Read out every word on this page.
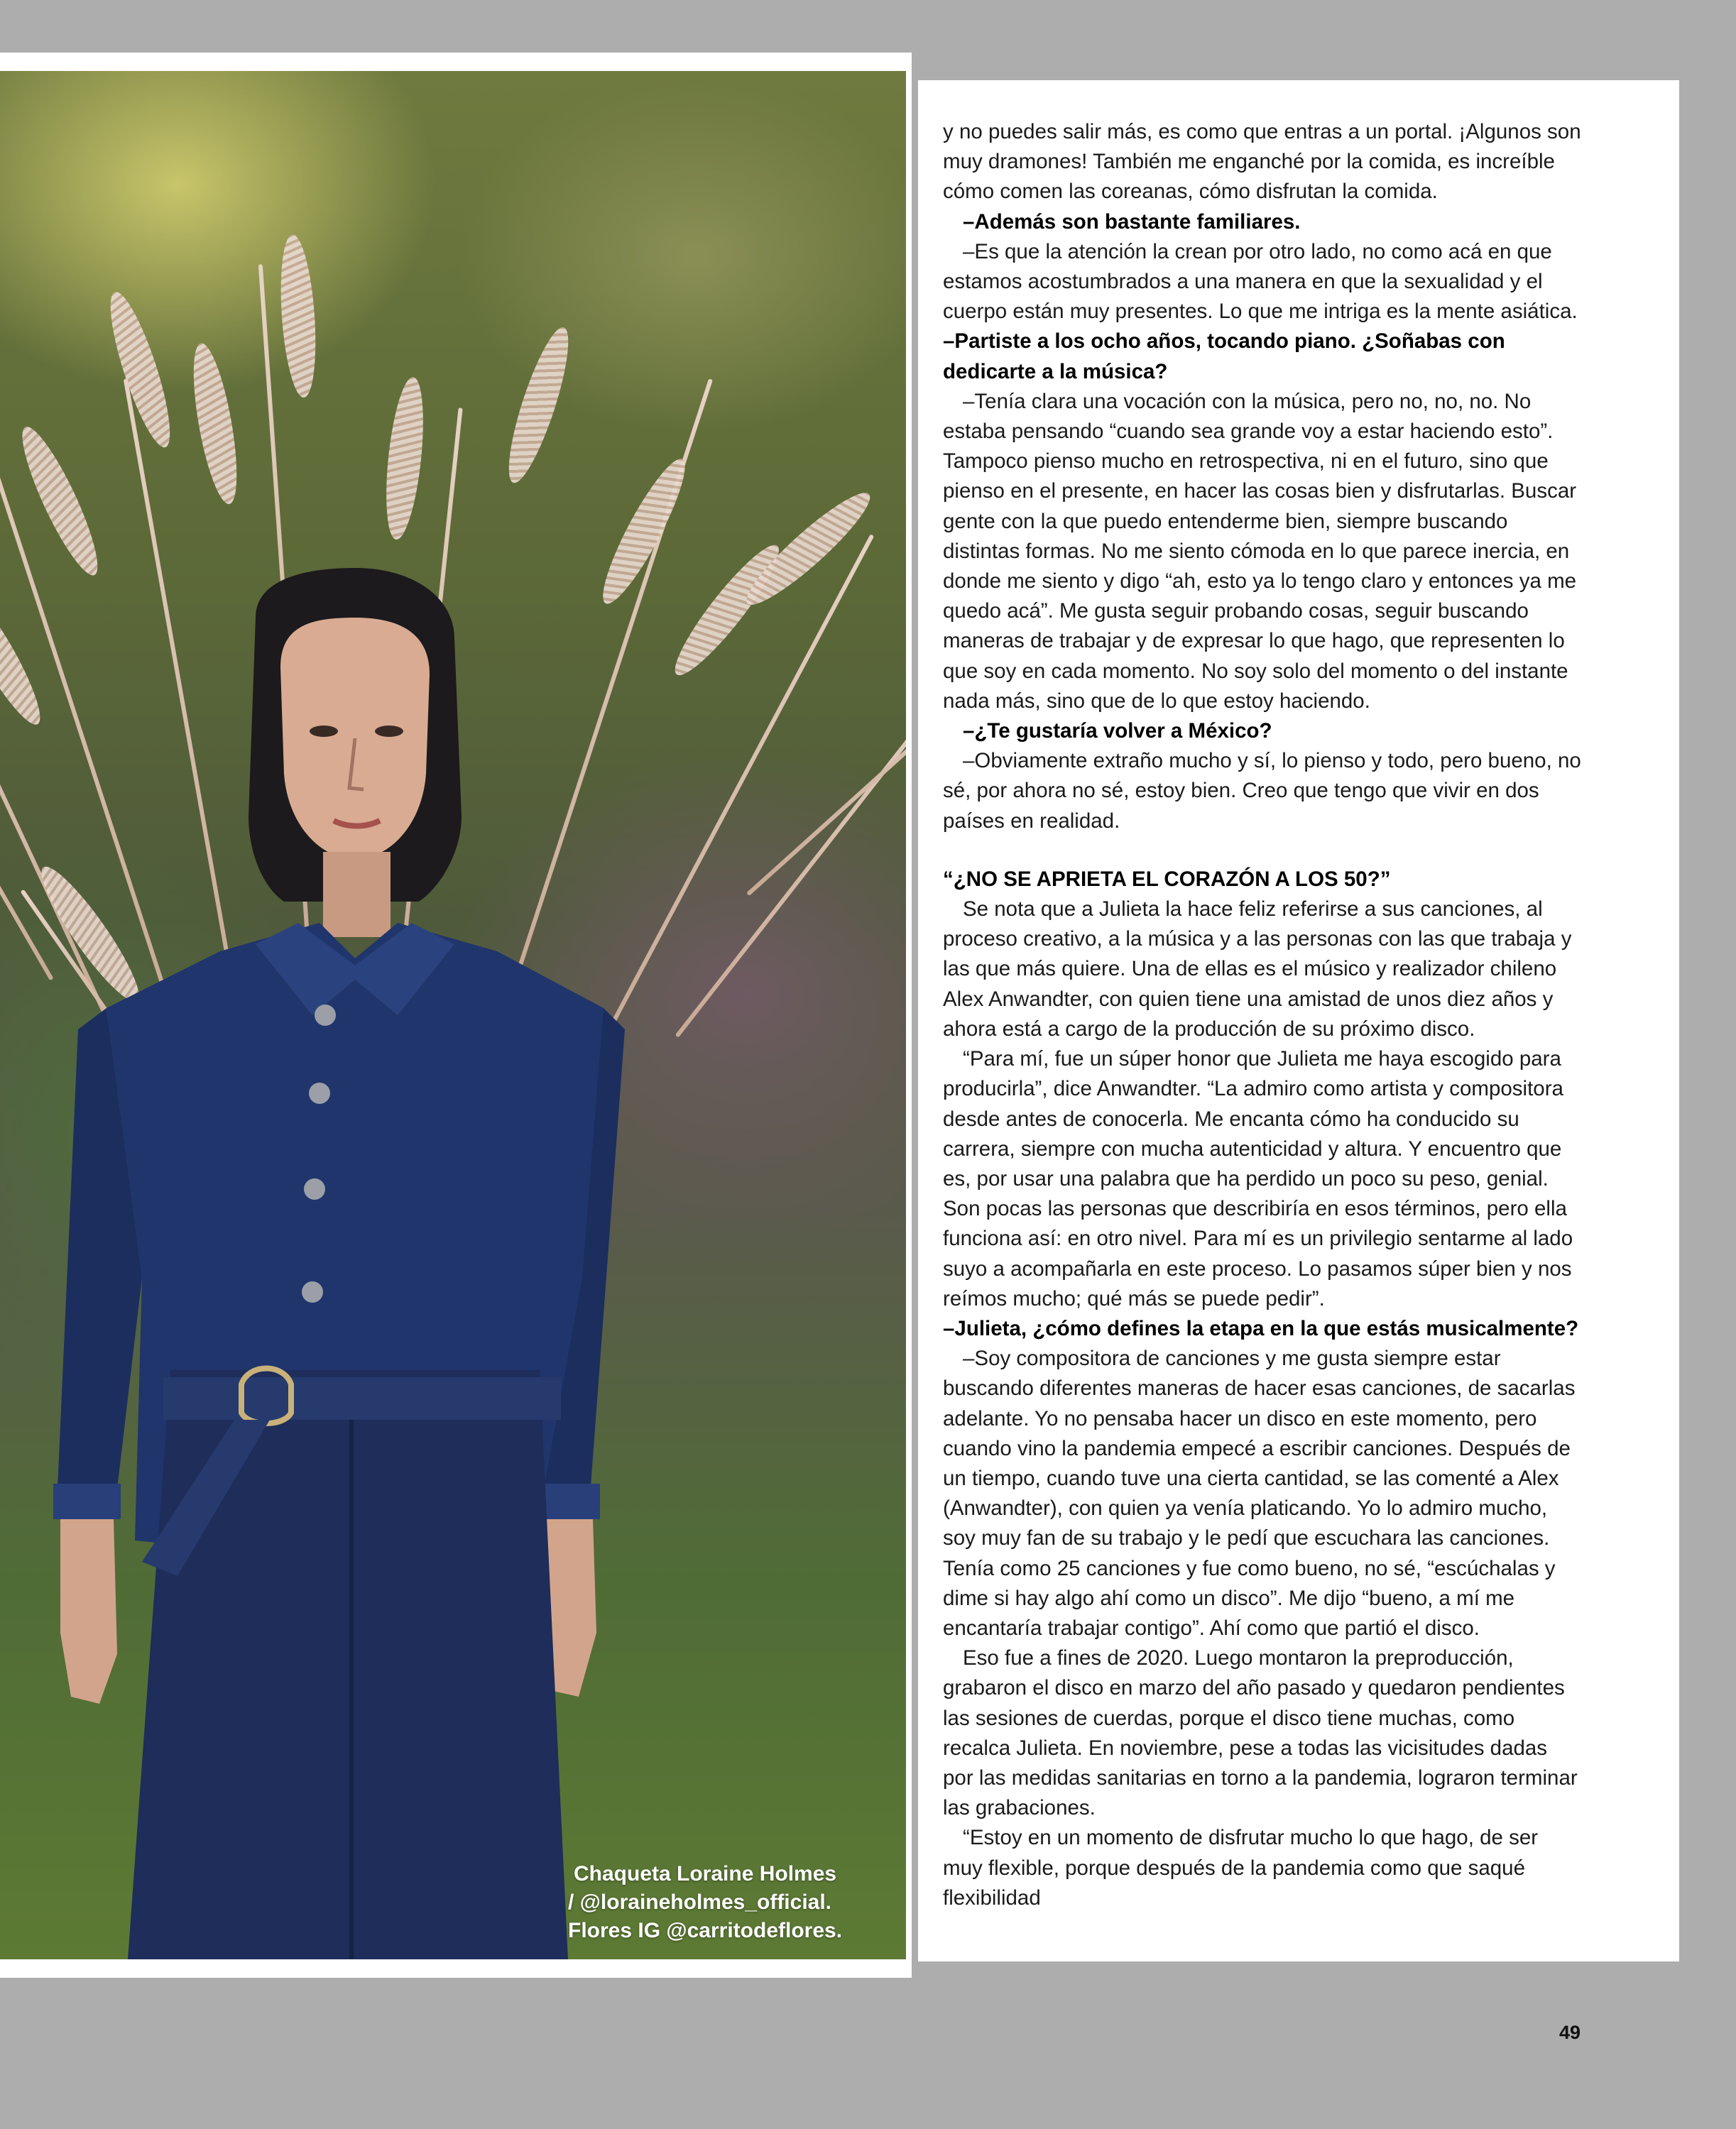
Chaqueta Loraine Holmes
/ @loraineholmes_official.
Flores IG @carritodeflores.

y no puedes salir más, es como que entras a un portal. ¡Algunos son muy dramones! También me enganché por la comida, es increíble cómo comen las coreanas, cómo disfrutan la comida.

–Además son bastante familiares.

–Es que la atención la crean por otro lado, no como acá en que estamos acostumbrados a una manera en que la sexualidad y el cuerpo están muy presentes. Lo que me intriga es la mente asiática.

–Partiste a los ocho años, tocando piano. ¿Soñabas con dedicarte a la música?

–Tenía clara una vocación con la música, pero no, no, no. No estaba pensando “cuando sea grande voy a estar haciendo esto”. Tampoco pienso mucho en retrospectiva, ni en el futuro, sino que pienso en el presente, en hacer las cosas bien y disfrutarlas. Buscar gente con la que puedo entenderme bien, siempre buscando distintas formas. No me siento cómoda en lo que parece inercia, en donde me siento y digo “ah, esto ya lo tengo claro y entonces ya me quedo acá”. Me gusta seguir probando cosas, seguir buscando maneras de trabajar y de expresar lo que hago, que representen lo que soy en cada momento. No soy solo del momento o del instante nada más, sino que de lo que estoy haciendo.

–¿Te gustaría volver a México?

–Obviamente extraño mucho y sí, lo pienso y todo, pero bueno, no sé, por ahora no sé, estoy bien. Creo que tengo que vivir en dos países en realidad.

“¿NO SE APRIETA EL CORAZÓN A LOS 50?”

Se nota que a Julieta la hace feliz referirse a sus canciones, al proceso creativo, a la música y a las personas con las que trabaja y las que más quiere. Una de ellas es el músico y realizador chileno Alex Anwandter, con quien tiene una amistad de unos diez años y ahora está a cargo de la producción de su próximo disco.

“Para mí, fue un súper honor que Julieta me haya escogido para producirla”, dice Anwandter. “La admiro como artista y compositora desde antes de conocerla. Me encanta cómo ha conducido su carrera, siempre con mucha autenticidad y altura. Y encuentro que es, por usar una palabra que ha perdido un poco su peso, genial. Son pocas las personas que describiría en esos términos, pero ella funciona así: en otro nivel. Para mí es un privilegio sentarme al lado suyo a acompañarla en este proceso. Lo pasamos súper bien y nos reímos mucho; qué más se puede pedir”.

–Julieta, ¿cómo defines la etapa en la que estás musicalmente?

–Soy compositora de canciones y me gusta siempre estar buscando diferentes maneras de hacer esas canciones, de sacarlas adelante. Yo no pensaba hacer un disco en este momento, pero cuando vino la pandemia empecé a escribir canciones. Después de un tiempo, cuando tuve una cierta cantidad, se las comenté a Alex (Anwandter), con quien ya venía platicando. Yo lo admiro mucho, soy muy fan de su trabajo y le pedí que escuchara las canciones. Tenía como 25 canciones y fue como bueno, no sé, “escúchalas y dime si hay algo ahí como un disco”. Me dijo “bueno, a mí me encantaría trabajar contigo”. Ahí como que partió el disco.

Eso fue a fines de 2020. Luego montaron la preproducción, grabaron el disco en marzo del año pasado y quedaron pendientes las sesiones de cuerdas, porque el disco tiene muchas, como recalca Julieta. En noviembre, pese a todas las vicisitudes dadas por las medidas sanitarias en torno a la pandemia, lograron terminar las grabaciones.

“Estoy en un momento de disfrutar mucho lo que hago, de ser muy flexible, porque después de la pandemia como que saqué flexibilidad

49
